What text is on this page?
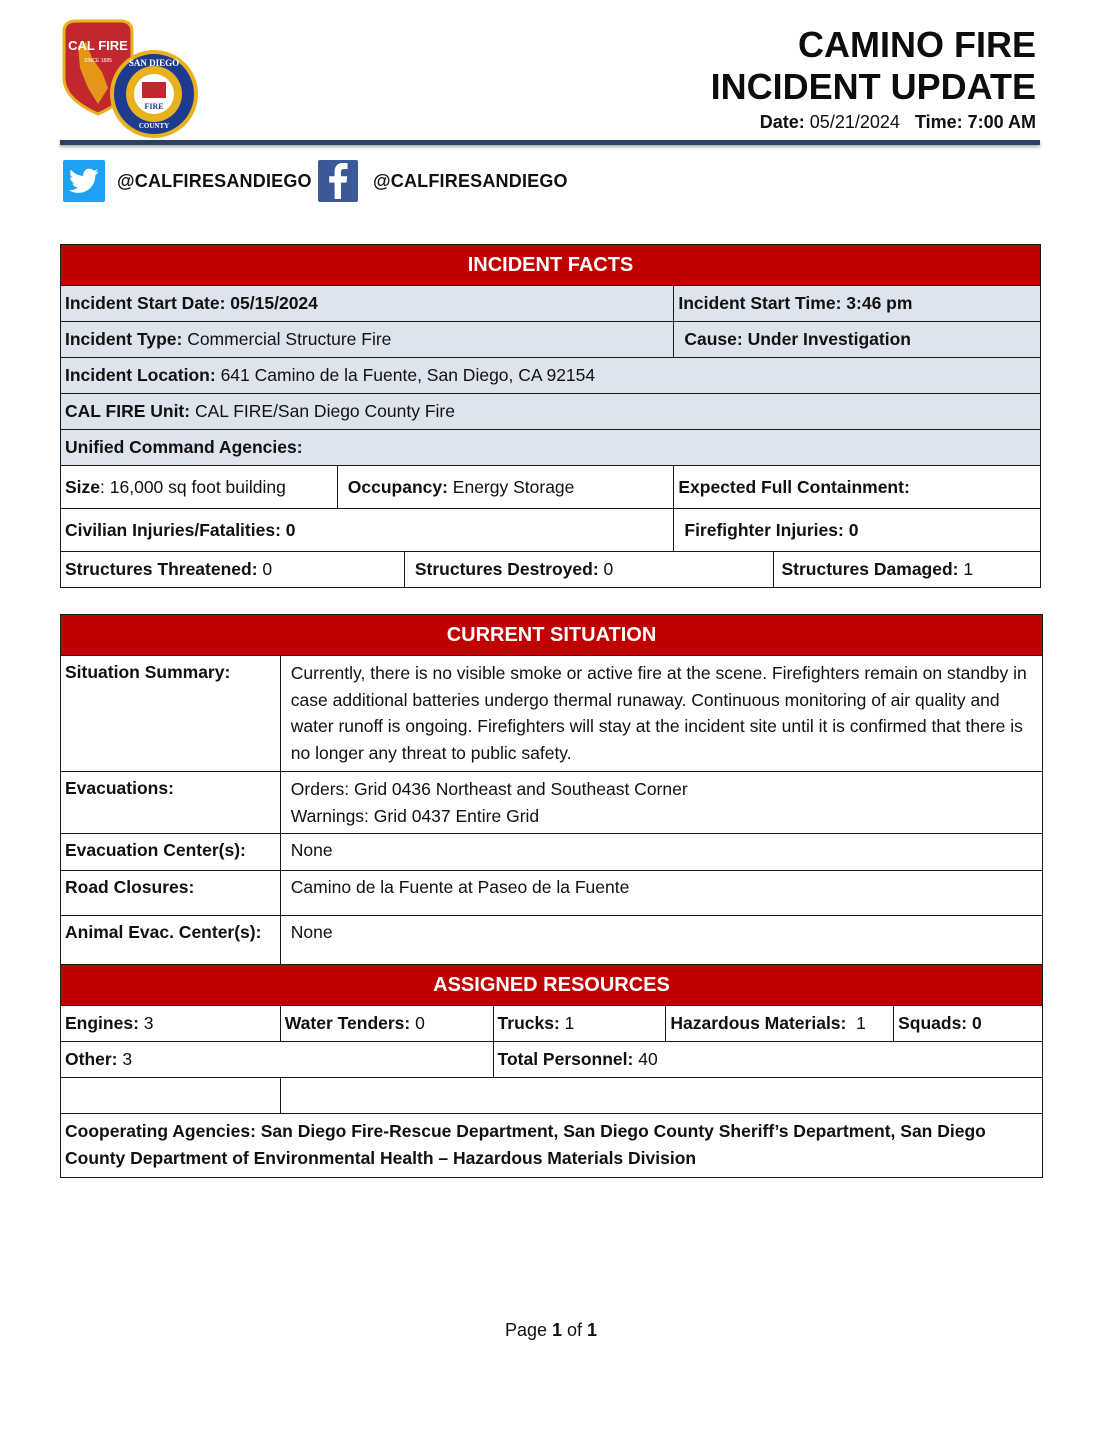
CAL FIRE
SINCE 1885 SAN DIEGO
FIRE
COUNTY
CAMINO FIRE
INCIDENT UPDATE
Date: 05/21/2024 Time: 7:00 AM
@CALFIRESANDIEGO	@CALFIRESANDIEGO
INCIDENT FACTS				
Incident Start Date: 05/15/2024			Incident Start Time: 3:46 pm	
Incident Type: Commercial Structure Fire			Cause: Under Investigation	
Incident Location: 641 Camino de la Fuente, San Diego, CA 92154				
CAL FIRE Unit: CAL FIRE/San Diego County Fire				
Unified Command Agencies:				
Size: 16,000 sq foot building	Occupancy: Energy Storage		Expected Full Containment:	
Civilian Injuries/Fatalities: 0			Firefighter Injuries: 0	
Structures Threatened: 0		Structures Destroyed: 0		Structures Damaged: 1
CURRENT SITUATION				
Situation Summary:	Currently, there is no visible smoke or active fire at the scene. Firefighters remain on standby in case additional batteries undergo thermal runaway. Continuous monitoring of air quality and water runoff is ongoing. Firefighters will stay at the incident site until it is confirmed that there is no longer any threat to public safety.			
Evacuations:	Orders: Grid 0436 Northeast and Southeast Corner
Warnings: Grid 0437 Entire Grid			

Evacuation Center(s):	None			
Road Closures:	Camino de la Fuente at Paseo de la Fuente			
Animal Evac. Center(s):	None			
ASSIGNED RESOURCES				
Engines: 3	Water Tenders: 0	Trucks: 1	Hazardous Materials:  1	Squads: 0
Other: 3		Total Personnel: 40		

Cooperating Agencies: San Diego Fire-Rescue Department, San Diego County Sheriff’s Department, San Diego County Department of Environmental Health – Hazardous Materials Division				
Page 1 of 1
